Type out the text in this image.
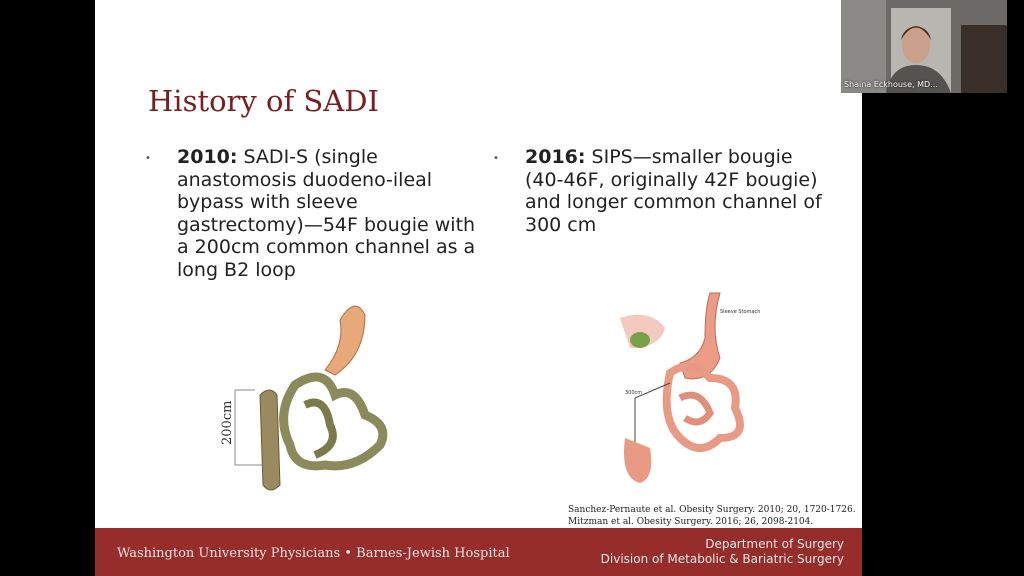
History of SADI
• 2010: SADI-S (single anastomosis duodeno-ileal bypass with sleeve gastrectomy)—54F bougie with a 200cm common channel as a long B2 loop
• 2016: SIPS—smaller bougie (40-46F, originally 42F bougie) and longer common channel of 300 cm
200cm
Sleeve Stomach
300cm
Sanchez-Pernaute et al. Obesity Surgery. 2010; 20, 1720-1726.
Mitzman et al. Obesity Surgery. 2016; 26, 2098-2104.
Washington University Physicians • Barnes-Jewish Hospital
Department of Surgery
Division of Metabolic & Bariatric Surgery
Shaina Eckhouse, MD...
